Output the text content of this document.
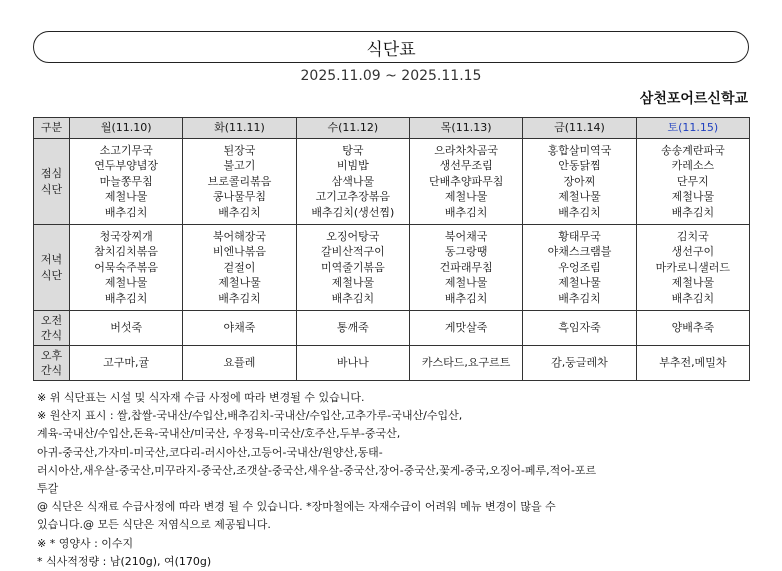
식단표
2025.11.09 ~ 2025.11.15
삼천포어르신학교
구분	월(11.10)	화(11.11)	수(11.12)	목(11.13)	금(11.14)	토(11.15)

점심
식단	소고기무국
연두부양념장
마늘쫑무침
제철나물
배추김치	된장국
불고기
브로콜리볶음
콩나물무침
배추김치	탕국
비빔밥
삼색나물
고기고추장볶음
배추김치(생선찜)	으라차차곰국
생선무조림
단배추양파무침
제철나물
배추김치	홍합살미역국
안동닭찜
장아찌
제철나물
배추김치	송송계란파국
카레소스
단무지
제철나물
배추김치

저녁
식단	청국장찌개
참치김치볶음
어묵숙주볶음
제철나물
배추김치	북어해장국
비엔나볶음
겉절이
제철나물
배추김치	오징어탕국
갈비산적구이
미역줄기볶음
제철나물
배추김치	북어채국
동그랑땡
건파래무침
제철나물
배추김치	황태무국
야채스크램블
우엉조림
제철나물
배추김치	김치국
생선구이
마카로니샐러드
제철나물
배추김치

오전
간식	버섯죽	야채죽	통깨죽	게맛살죽	흑임자죽	양배추죽

오후
간식	고구마,귤	요플레	바나나	카스타드,요구르트	감,둥글레차	부추전,메밀차
※ 위 식단표는 시설 및 식자재 수급 사정에 따라 변경될 수 있습니다.
※ 원산지 표시 : 쌀,찹쌀-국내산/수입산,배추김치-국내산/수입산,고추가루-국내산/수입산,
계육-국내산/수입산,돈육-국내산/미국산, 우정육-미국산/호주산,두부-중국산,
아귀-중국산,가자미-미국산,코다리-러시아산,고등어-국내산/원양산,동태-
러시아산,새우살-중국산,미꾸라지-중국산,조갯살-중국산,새우살-중국산,장어-중국산,꽃게-중국,오징어-페루,적어-포르
투갈
@ 식단은 식재료 수급사정에 따라 변경 될 수 있습니다. *장마철에는 자재수급이 어려워 메뉴 변경이 많을 수
있습니다.@ 모든 식단은 저염식으로 제공됩니다.
※ * 영양사 : 이수지
* 식사적정량 : 남(210g), 여(170g)
